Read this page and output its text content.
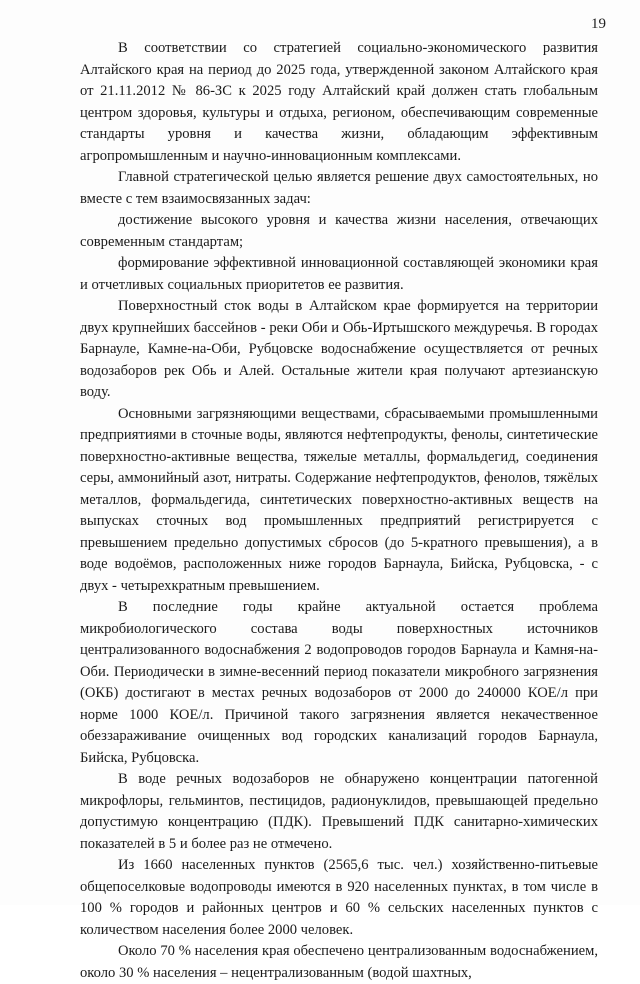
19

В соответствии со стратегией социально-экономического развития Алтайского края на период до 2025 года, утвержденной законом Алтайского края от 21.11.2012 № 86-ЗС к 2025 году Алтайский край должен стать глобальным центром здоровья, культуры и отдыха, регионом, обеспечивающим современные стандарты уровня и качества жизни, обладающим эффективным агропромышленным и научно-инновационным комплексами.

Главной стратегической целью является решение двух самостоятельных, но вместе с тем взаимосвязанных задач:

достижение высокого уровня и качества жизни населения, отвечающих современным стандартам;

формирование эффективной инновационной составляющей экономики края и отчетливых социальных приоритетов ее развития.

Поверхностный сток воды в Алтайском крае формируется на территории двух крупнейших бассейнов - реки Оби и Обь-Иртышского междуречья. В городах Барнауле, Камне-на-Оби, Рубцовске водоснабжение осуществляется от речных водозаборов рек Обь и Алей. Остальные жители края получают артезианскую воду.

Основными загрязняющими веществами, сбрасываемыми промышленными предприятиями в сточные воды, являются нефтепродукты, фенолы, синтетические поверхностно-активные вещества, тяжелые металлы, формальдегид, соединения серы, аммонийный азот, нитраты. Содержание нефтепродуктов, фенолов, тяжёлых металлов, формальдегида, синтетических поверхностно-активных веществ на выпусках сточных вод промышленных предприятий регистрируется с превышением предельно допустимых сбросов (до 5-кратного превышения), а в воде водоёмов, расположенных ниже городов Барнаула, Бийска, Рубцовска, - с двух - четырехкратным превышением.

В последние годы крайне актуальной остается проблема микробиологического состава воды поверхностных источников централизованного водоснабжения 2 водопроводов городов Барнаула и Камня-на-Оби. Периодически в зимне-весенний период показатели микробного загрязнения (ОКБ) достигают в местах речных водозаборов от 2000 до 240000 КОЕ/л при норме 1000 КОЕ/л. Причиной такого загрязнения является некачественное обеззараживание очищенных вод городских канализаций городов Барнаула, Бийска, Рубцовска.

В воде речных водозаборов не обнаружено концентрации патогенной микрофлоры, гельминтов, пестицидов, радионуклидов, превышающей предельно допустимую концентрацию (ПДК). Превышений ПДК санитарно-химических показателей в 5 и более раз не отмечено.

Из 1660 населенных пунктов (2565,6 тыс. чел.) хозяйственно-питьевые общепоселковые водопроводы имеются в 920 населенных пунктах, в том числе в 100 % городов и районных центров и 60 % сельских населенных пунктов с количеством населения более 2000 человек.

Около 70 % населения края обеспечено централизованным водоснабжением, около 30 % населения – нецентрализованным (водой шахтных,
